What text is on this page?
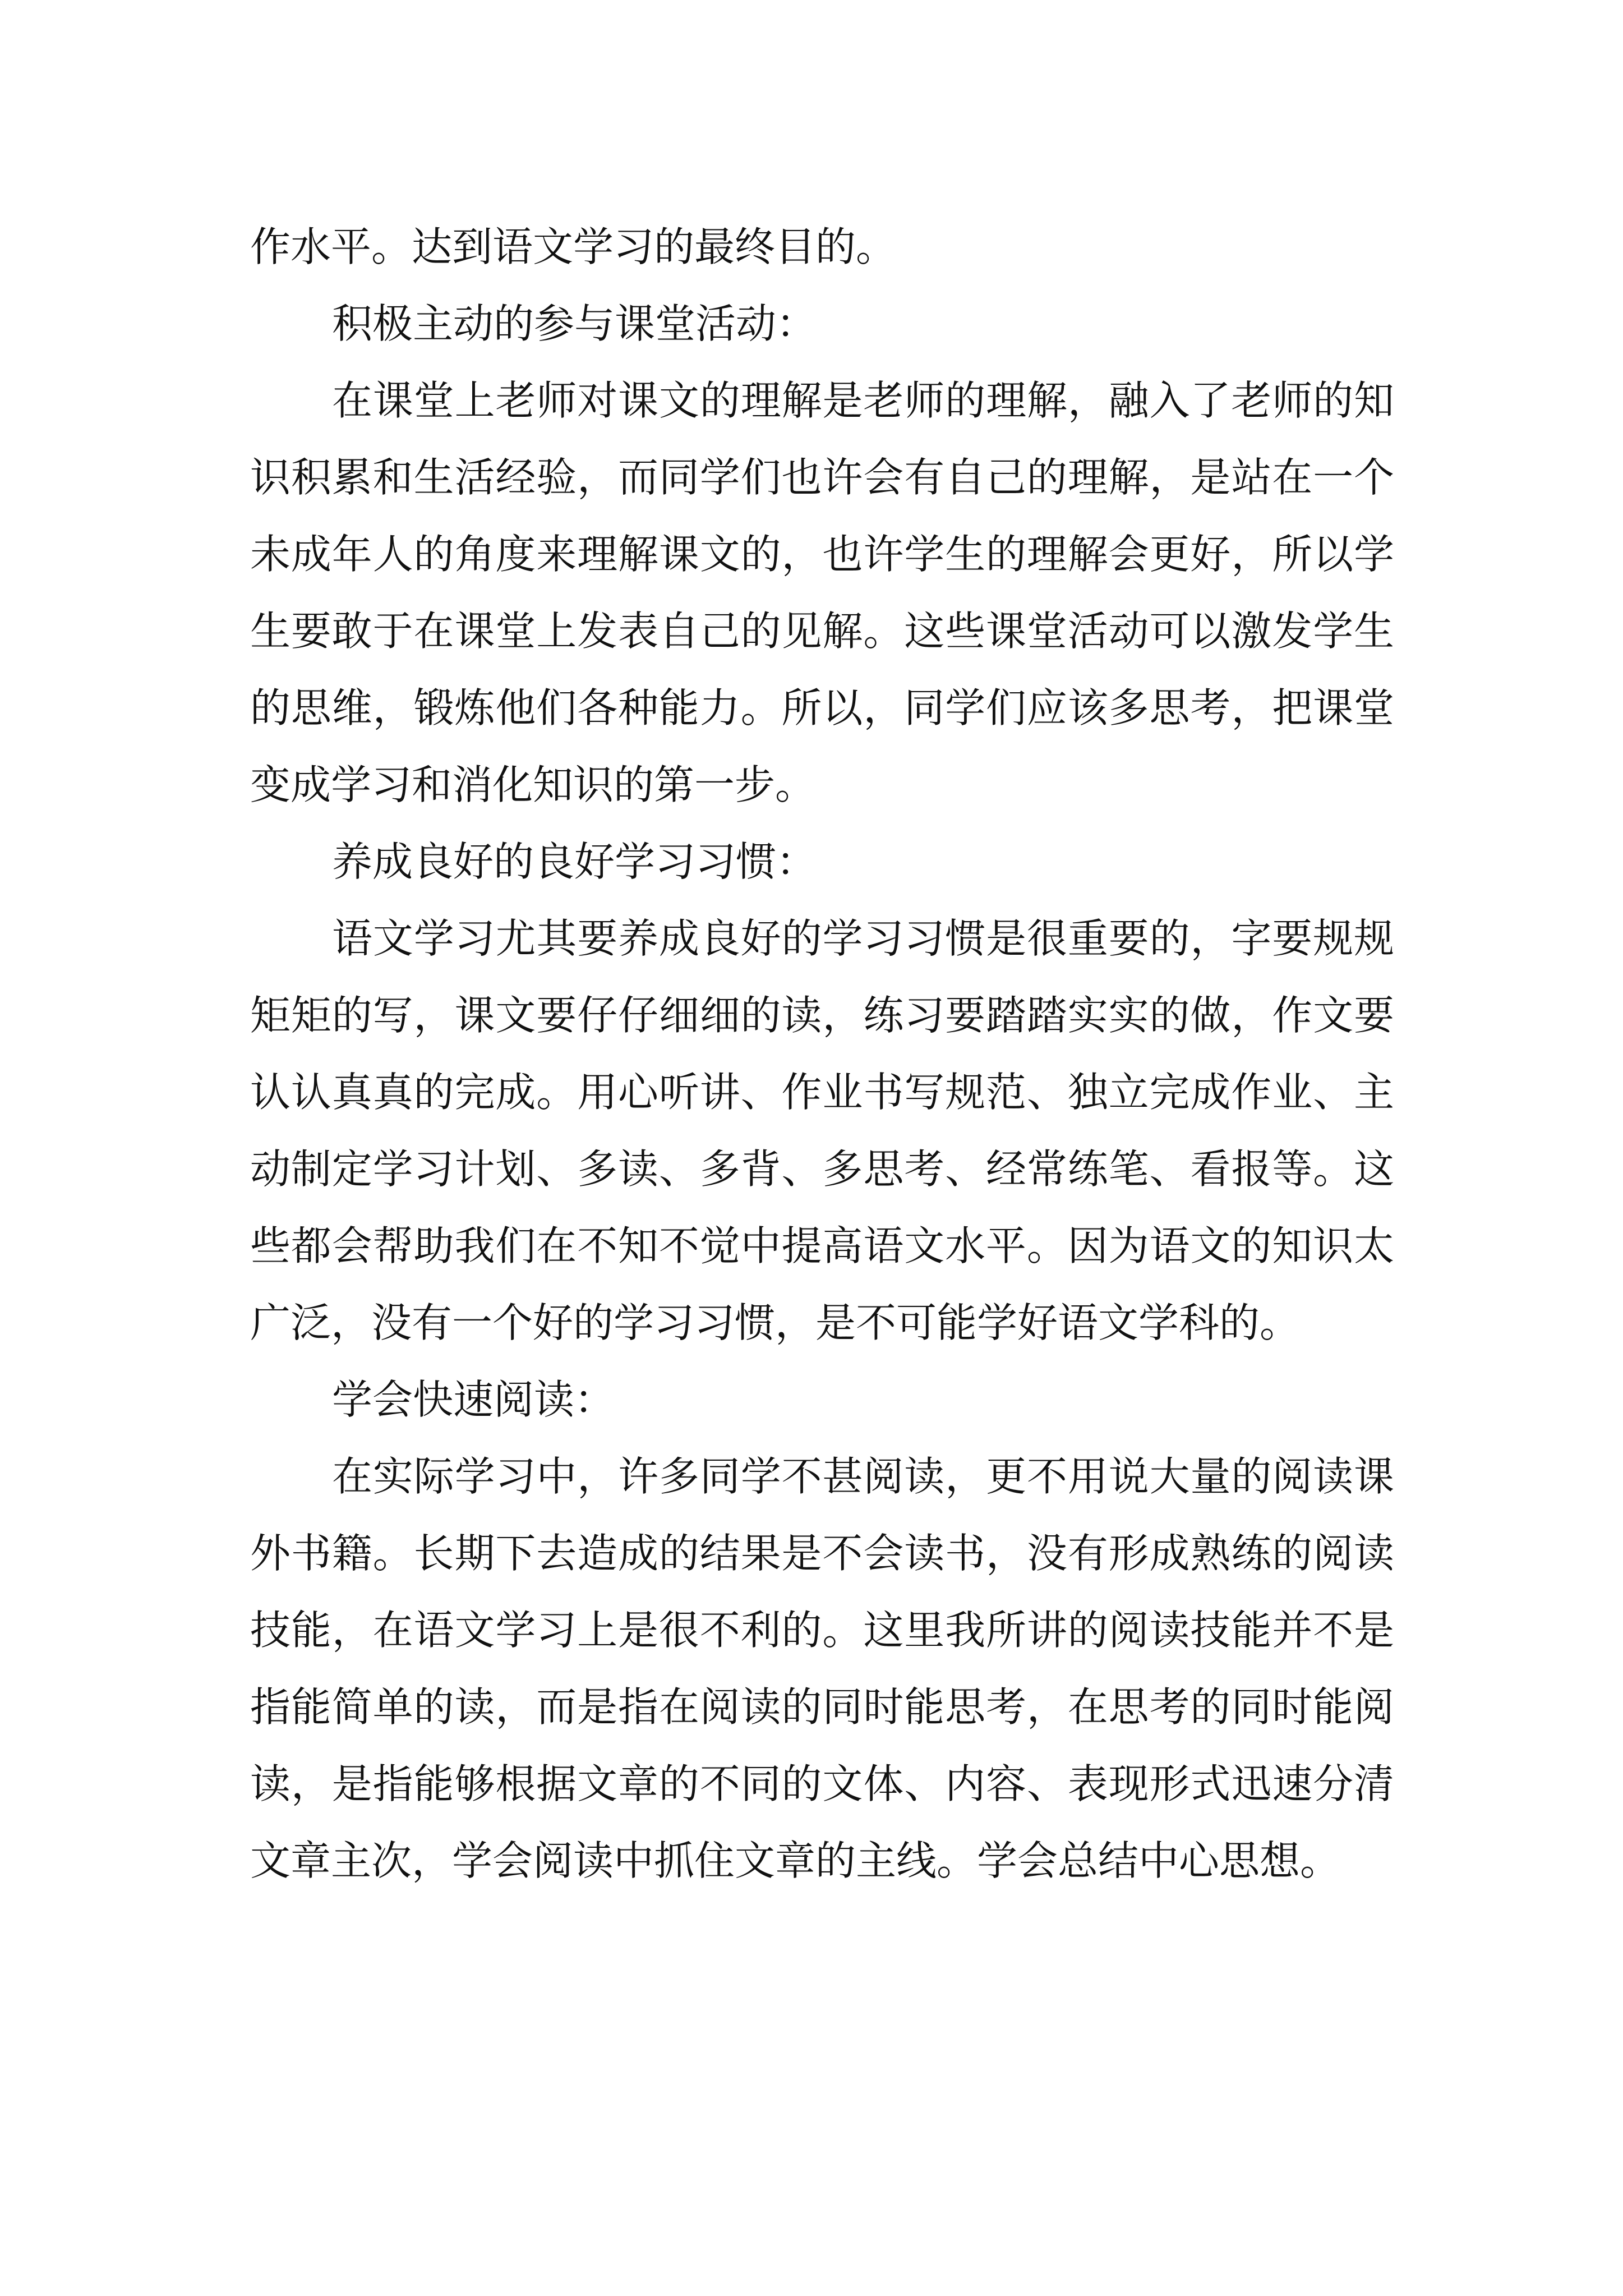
作水平。达到语文学习的最终目的。

积极主动的参与课堂活动：

在课堂上老师对课文的理解是老师的理解，融入了老师的知识积累和生活经验，而同学们也许会有自己的理解，是站在一个未成年人的角度来理解课文的，也许学生的理解会更好，所以学生要敢于在课堂上发表自己的见解。这些课堂活动可以激发学生的思维，锻炼他们各种能力。所以，同学们应该多思考，把课堂变成学习和消化知识的第一步。

养成良好的良好学习习惯：

语文学习尤其要养成良好的学习习惯是很重要的，字要规规矩矩的写，课文要仔仔细细的读，练习要踏踏实实的做，作文要认认真真的完成。用心听讲、作业书写规范、独立完成作业、主动制定学习计划、多读、多背、多思考、经常练笔、看报等。这些都会帮助我们在不知不觉中提高语文水平。因为语文的知识太广泛，没有一个好的学习习惯，是不可能学好语文学科的。

学会快速阅读：

在实际学习中，许多同学不甚阅读，更不用说大量的阅读课外书籍。长期下去造成的结果是不会读书，没有形成熟练的阅读技能，在语文学习上是很不利的。这里我所讲的阅读技能并不是指能简单的读，而是指在阅读的同时能思考，在思考的同时能阅读，是指能够根据文章的不同的文体、内容、表现形式迅速分清文章主次，学会阅读中抓住文章的主线。学会总结中心思想。
